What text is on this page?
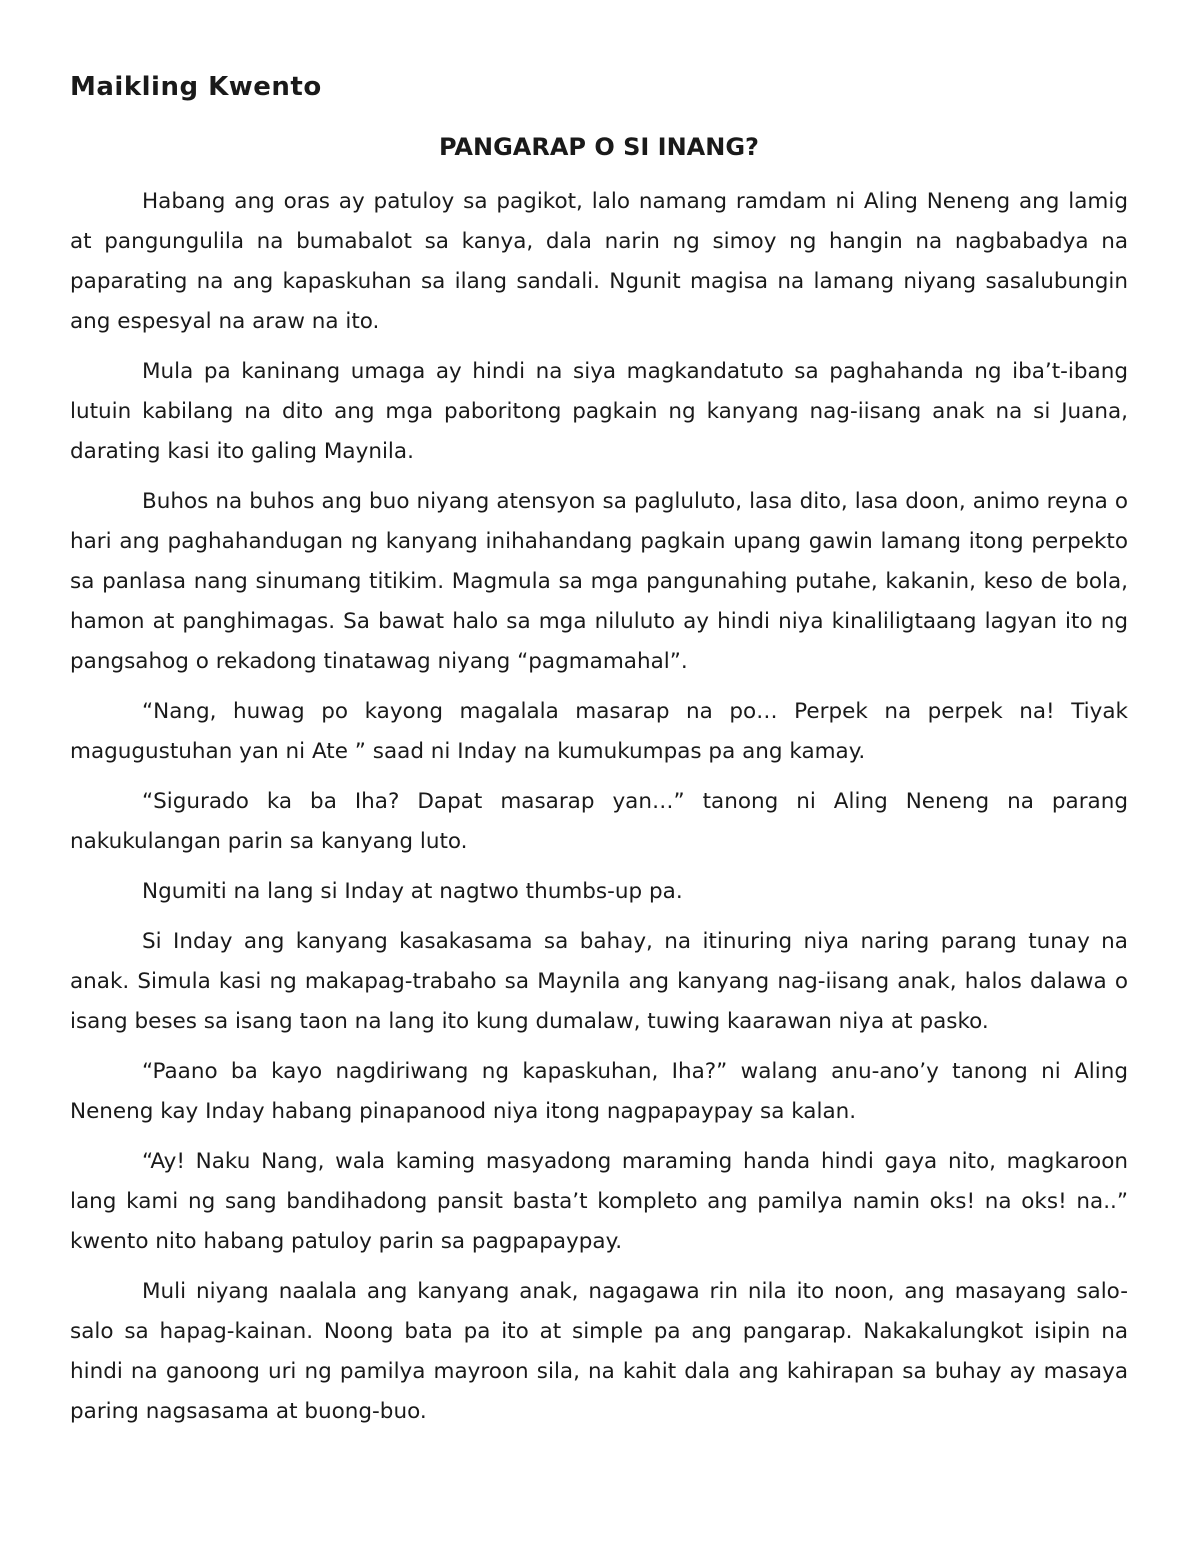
Maikling Kwento
PANGARAP O SI INANG?

Habang ang oras ay patuloy sa pagikot, lalo namang ramdam ni Aling Neneng ang lamig at pangungulila na bumabalot sa kanya, dala narin ng simoy ng hangin na nagbabadya na paparating na ang kapaskuhan sa ilang sandali. Ngunit magisa na lamang niyang sasalubungin ang espesyal na araw na ito.

Mula pa kaninang umaga ay hindi na siya magkandatuto sa paghahanda ng iba’t-ibang lutuin kabilang na dito ang mga paboritong pagkain ng kanyang nag-iisang anak na si Juana, darating kasi ito galing Maynila.

Buhos na buhos ang buo niyang atensyon sa pagluluto, lasa dito, lasa doon, animo reyna o hari ang paghahandugan ng kanyang inihahandang pagkain upang gawin lamang itong perpekto sa panlasa nang sinumang titikim. Magmula sa mga pangunahing putahe, kakanin, keso de bola, hamon at panghimagas. Sa bawat halo sa mga niluluto ay hindi niya kinaliligtaang lagyan ito ng pangsahog o rekadong tinatawag niyang “pagmamahal”.

“Nang, huwag po kayong magalala masarap na po… Perpek na perpek na! Tiyak magugustuhan yan ni Ate ” saad ni Inday na kumukumpas pa ang kamay.

“Sigurado ka ba Iha? Dapat masarap yan…” tanong ni Aling Neneng na parang nakukulangan parin sa kanyang luto.

Ngumiti na lang si Inday at nagtwo thumbs-up pa.

Si Inday ang kanyang kasakasama sa bahay, na itinuring niya naring parang tunay na anak. Simula kasi ng makapag-trabaho sa Maynila ang kanyang nag-iisang anak, halos dalawa o isang beses sa isang taon na lang ito kung dumalaw, tuwing kaarawan niya at pasko.

“Paano ba kayo nagdiriwang ng kapaskuhan, Iha?” walang anu-ano’y tanong ni Aling Neneng kay Inday habang pinapanood niya itong nagpapaypay sa kalan.

“Ay! Naku Nang, wala kaming masyadong maraming handa hindi gaya nito, magkaroon lang kami ng sang bandihadong pansit basta’t kompleto ang pamilya namin oks! na oks! na..” kwento nito habang patuloy parin sa pagpapaypay.

Muli niyang naalala ang kanyang anak, nagagawa rin nila ito noon, ang masayang salo-salo sa hapag-kainan. Noong bata pa ito at simple pa ang pangarap. Nakakalungkot isipin na hindi na ganoong uri ng pamilya mayroon sila, na kahit dala ang kahirapan sa buhay ay masaya paring nagsasama at buong-buo.
